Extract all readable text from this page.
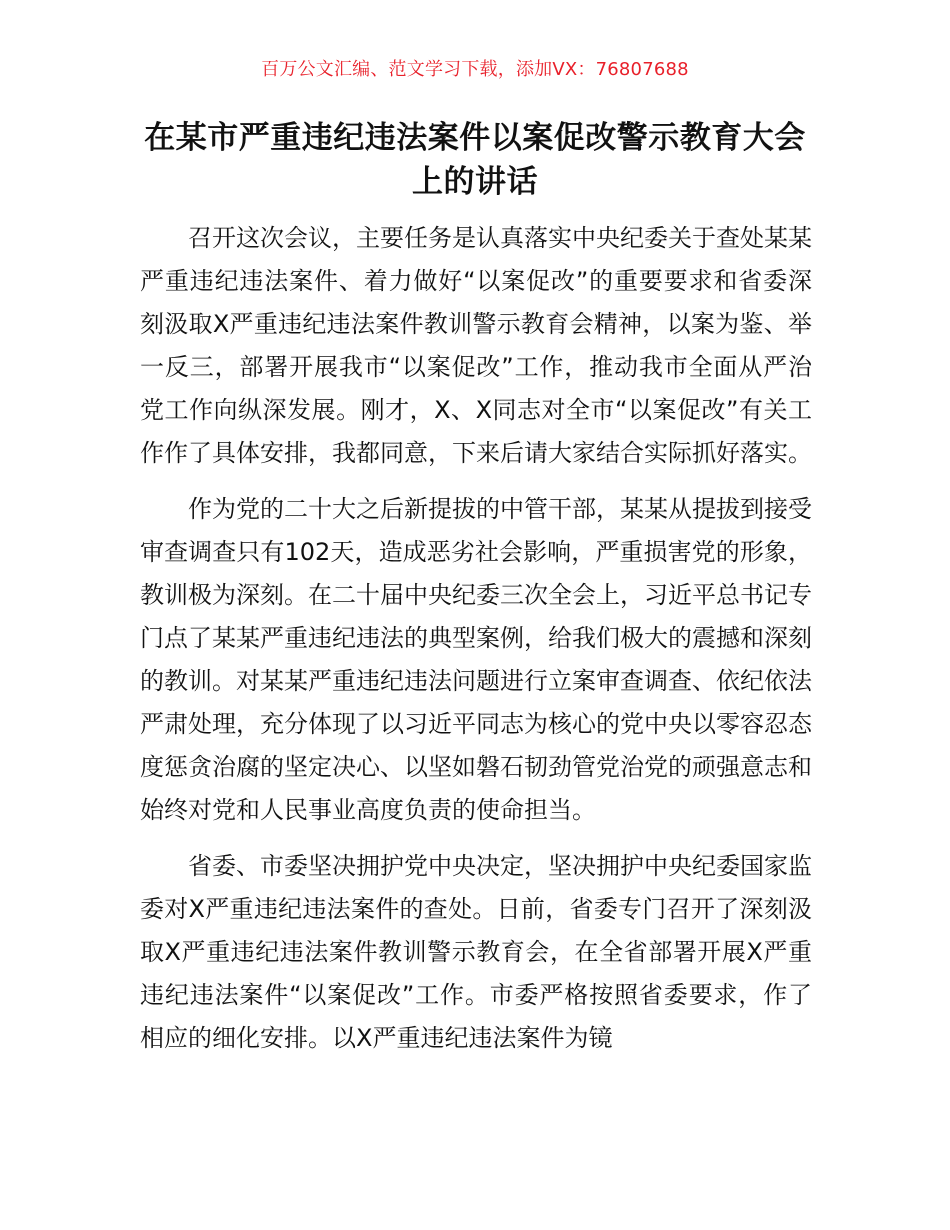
百万公文汇编、范文学习下载，添加VX：76807688
在某市严重违纪违法案件以案促改警示教育大会上的讲话

召开这次会议，主要任务是认真落实中央纪委关于查处某某严重违纪违法案件、着力做好“以案促改”的重要要求和省委深刻汲取X严重违纪违法案件教训警示教育会精神，以案为鉴、举一反三，部署开展我市“以案促改”工作，推动我市全面从严治党工作向纵深发展。刚才，X、X同志对全市“以案促改”有关工作作了具体安排，我都同意，下来后请大家结合实际抓好落实。

作为党的二十大之后新提拔的中管干部，某某从提拔到接受审查调查只有102天，造成恶劣社会影响，严重损害党的形象，教训极为深刻。在二十届中央纪委三次全会上，习近平总书记专门点了某某严重违纪违法的典型案例，给我们极大的震撼和深刻的教训。对某某严重违纪违法问题进行立案审查调查、依纪依法严肃处理，充分体现了以习近平同志为核心的党中央以零容忍态度惩贪治腐的坚定决心、以坚如磐石韧劲管党治党的顽强意志和始终对党和人民事业高度负责的使命担当。

省委、市委坚决拥护党中央决定，坚决拥护中央纪委国家监委对X严重违纪违法案件的查处。日前，省委专门召开了深刻汲取X严重违纪违法案件教训警示教育会，在全省部署开展X严重违纪违法案件“以案促改”工作。市委严格按照省委要求，作了相应的细化安排。以X严重违纪违法案件为镜
